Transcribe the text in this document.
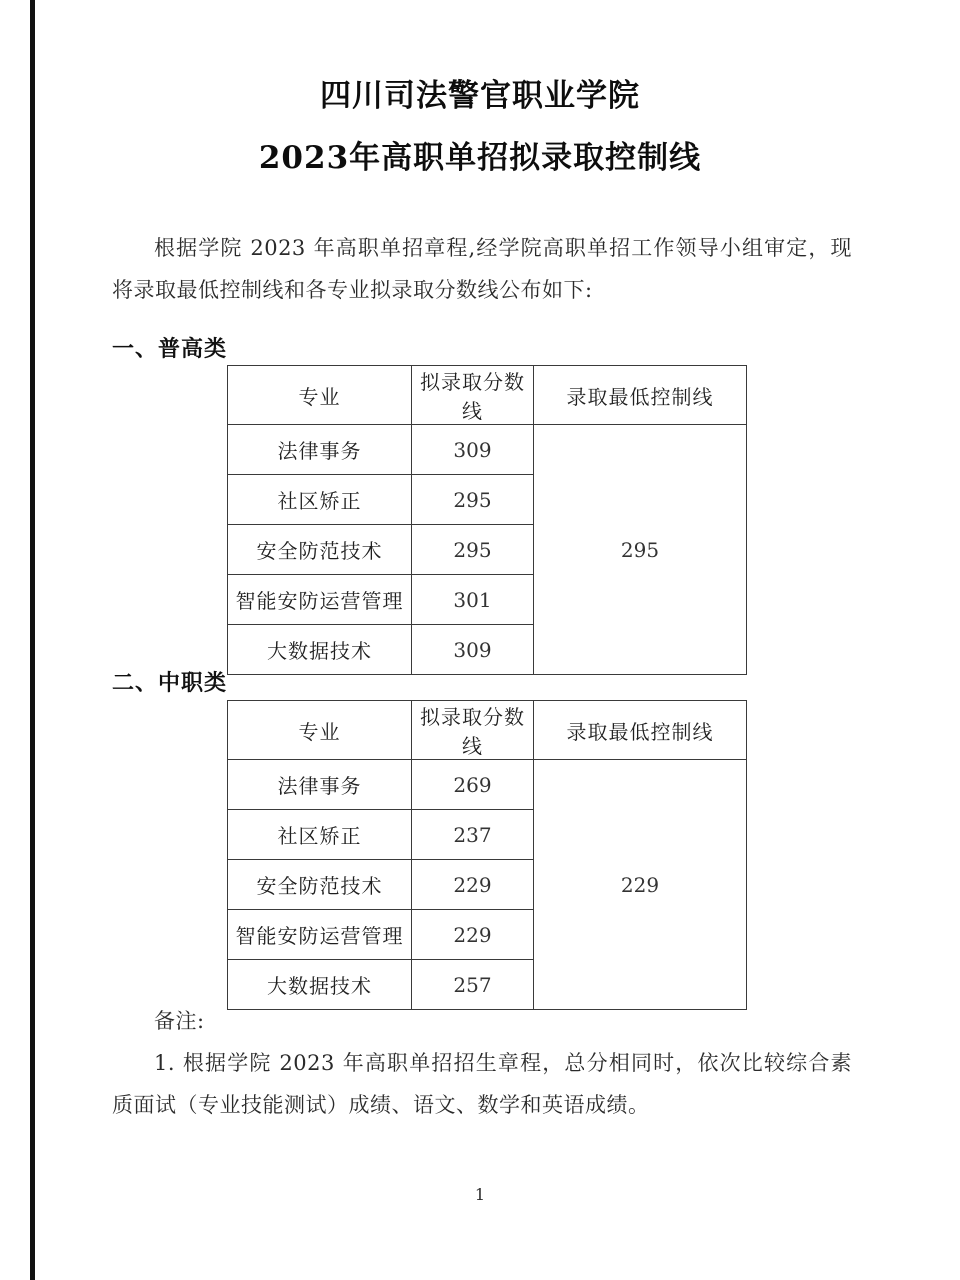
四川司法警官职业学院
2023年高职单招拟录取控制线

根据学院 2023 年高职单招章程,经学院高职单招工作领导小组审定，现将录取最低控制线和各专业拟录取分数线公布如下:

一、普高类
专业	拟录取分数线	录取最低控制线
法律事务	309	295
社区矫正	295	
安全防范技术	295	
智能安防运营管理	301	
大数据技术	309	
二、中职类
专业	拟录取分数线	录取最低控制线
法律事务	269	229
社区矫正	237	
安全防范技术	229	
智能安防运营管理	229	
大数据技术	257	
备注:
1. 根据学院 2023 年高职单招招生章程，总分相同时，依次比较综合素质面试（专业技能测试）成绩、语文、数学和英语成绩。
1
